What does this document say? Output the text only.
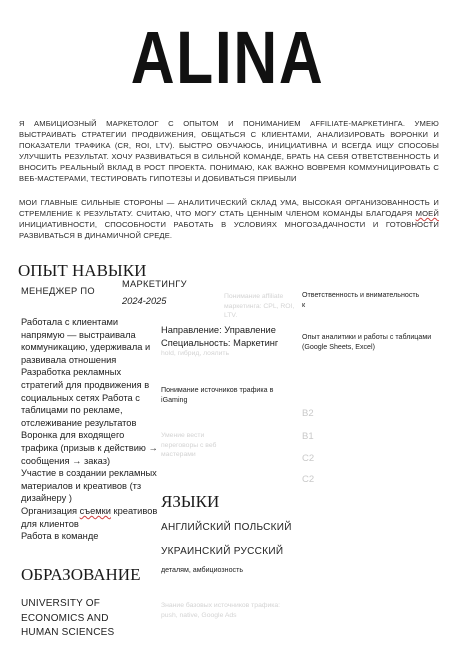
ALINA

Я АМБИЦИОЗНЫЙ МАРКЕТОЛОГ С ОПЫТОМ И ПОНИМАНИЕМ AFFILIATE-МАРКЕТИНГА. УМЕЮ ВЫСТРАИВАТЬ СТРАТЕГИИ ПРОДВИЖЕНИЯ, ОБЩАТЬСЯ С КЛИЕНТАМИ, АНАЛИЗИРОВАТЬ ВОРОНКИ И ПОКАЗАТЕЛИ ТРАФИКА (CR, ROI, LTV). БЫСТРО ОБУЧАЮСЬ, ИНИЦИАТИВНА И ВСЕГДА ИЩУ СПОСОБЫ УЛУЧШИТЬ РЕЗУЛЬТАТ. ХОЧУ РАЗВИВАТЬСЯ В СИЛЬНОЙ КОМАНДЕ, БРАТЬ НА СЕБЯ ОТВЕТСТВЕННОСТЬ И ВНОСИТЬ РЕАЛЬНЫЙ ВКЛАД В РОСТ ПРОЕКТА. ПОНИМАЮ, КАК ВАЖНО ВОВРЕМЯ КОММУНИЦИРОВАТЬ С ВЕБ-МАСТЕРАМИ, ТЕСТИРОВАТЬ ГИПОТЕЗЫ И ДОБИВАТЬСЯ ПРИБЫЛИ

МОИ ГЛАВНЫЕ СИЛЬНЫЕ СТОРОНЫ — АНАЛИТИЧЕСКИЙ СКЛАД УМА, ВЫСОКАЯ ОРГАНИЗОВАННОСТЬ И СТРЕМЛЕНИЕ К РЕЗУЛЬТАТУ. СЧИТАЮ, ЧТО МОГУ СТАТЬ ЦЕННЫМ ЧЛЕНОМ КОМАНДЫ БЛАГОДАРЯ МОЕЙ ИНИЦИАТИВНОСТИ, СПОСОБНОСТИ РАБОТАТЬ В УСЛОВИЯХ МНОГОЗАДАЧНОСТИ И ГОТОВНОСТИ РАЗВИВАТЬСЯ В ДИНАМИЧНОЙ СРЕДЕ.

ОПЫТ НАВЫКИ
МЕНЕДЖЕР ПО
МАРКЕТИНГУ
2024-2025	Понимание affiliate маркетинга: CPL, ROI, LTV.
Ответственность и внимательность к
Работала с клиентами напрямую — выстраивала коммуникацию, удерживала и развивала отношения Разработка рекламных стратегий для продвижения в социальных сетях Работа с таблицами по рекламе, отслеживание результатов
Воронка для входящего трафика (призыв к действию → сообщения → заказ)
Участие в создании рекламных материалов и креативов (тз дизайнеру )
Организация съемки креативов для клиентов
Работа в команде
Направление: Управление Специальность: Маркетинг
hold, гибрид, лоялить
Опыт аналитики и работы с таблицами (Google Sheets, Excel)
Понимание источников трафика в iGaming
Умение вести переговоры с веб мастерами
B2
B1
C2
C2
ЯЗЫКИ
АНГЛИЙСКИЙ ПОЛЬСКИЙ
УКРАИНСКИЙ РУССКИЙ
деталям, амбициозность
ОБРАЗОВАНИЕ
UNIVERSITY OF ECONOMICS AND HUMAN SCIENCES
Знание базовых источников трафика: push, native, Google Ads
